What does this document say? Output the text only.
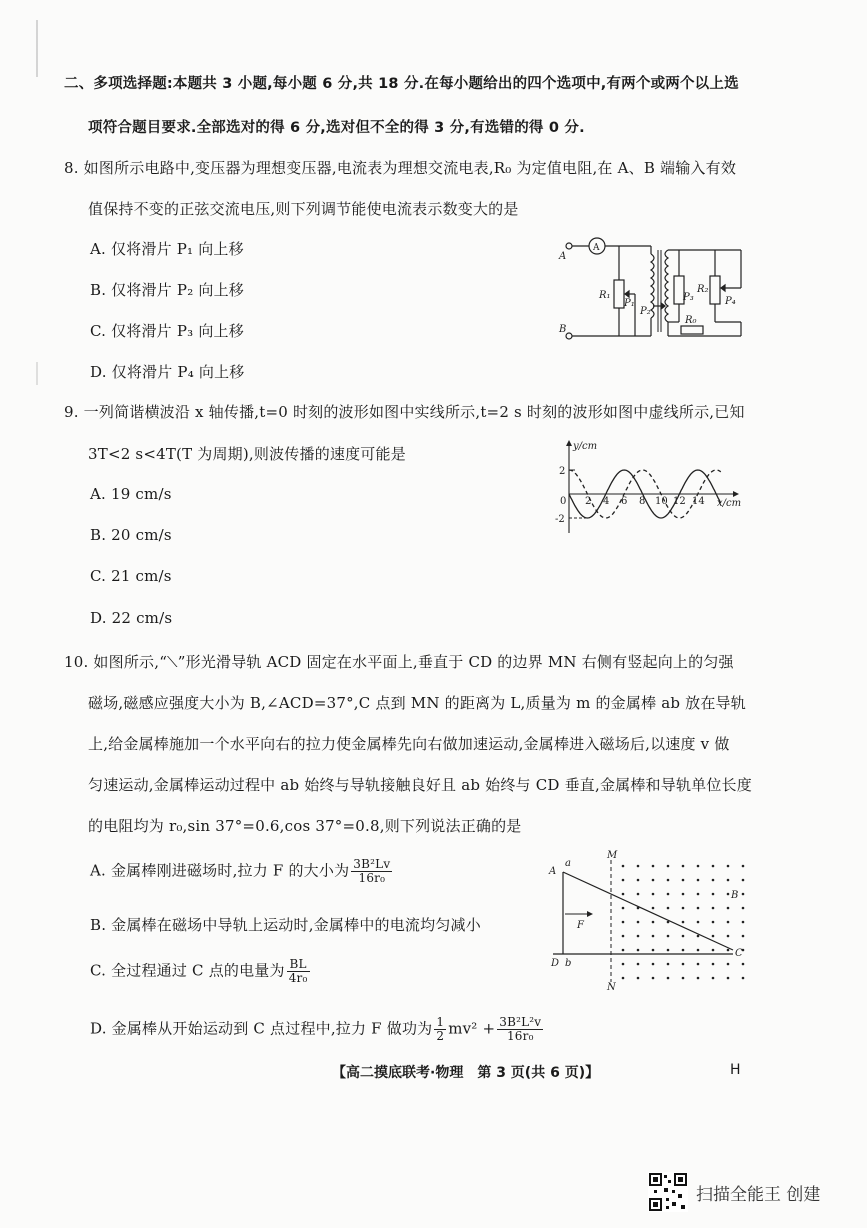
二、多项选择题:本题共 3 小题,每小题 6 分,共 18 分.在每小题给出的四个选项中,有两个或两个以上选
项符合题目要求.全部选对的得 6 分,选对但不全的得 3 分,有选错的得 0 分.
8. 如图所示电路中,变压器为理想变压器,电流表为理想交流电表,R₀ 为定值电阻,在 A、B 端输入有效
值保持不变的正弦交流电压,则下列调节能使电流表示数变大的是
A. 仅将滑片 P₁ 向上移
B. 仅将滑片 P₂ 向上移
C. 仅将滑片 P₃ 向上移
D. 仅将滑片 P₄ 向上移
A
B
A
R₁
P₁
P₂
P₃
R₂
P₄
R₀
9. 一列简谐横波沿 x 轴传播,t=0 时刻的波形如图中实线所示,t=2 s 时刻的波形如图中虚线所示,已知
3T<2 s<4T(T 为周期),则波传播的速度可能是
A. 19 cm/s
B. 20 cm/s
C. 21 cm/s
D. 22 cm/s
y/cm
x/cm
0
2
-2
2 4 6 8 10 12 14
10. 如图所示,“⟍”形光滑导轨 ACD 固定在水平面上,垂直于 CD 的边界 MN 右侧有竖起向上的匀强
磁场,磁感应强度大小为 B,∠ACD=37°,C 点到 MN 的距离为 L,质量为 m 的金属棒 ab 放在导轨
上,给金属棒施加一个水平向右的拉力使金属棒先向右做加速运动,金属棒进入磁场后,以速度 v 做
匀速运动,金属棒运动过程中 ab 始终与导轨接触良好且 ab 始终与 CD 垂直,金属棒和导轨单位长度
的电阻均为 r₀,sin 37°=0.6,cos 37°=0.8,则下列说法正确的是
A. 金属棒刚进磁场时,拉力 F 的大小为 $\frac{\text{3B²Lv}}{\text{16r₀}}$
B. 金属棒在磁场中导轨上运动时,金属棒中的电流均匀减小
C. 全过程通过 C 点的电量为 $\frac{BL}{\text{4r₀}}$
D. 金属棒从开始运动到 C 点过程中,拉力 F 做功为 $\frac{1}{2} mv^2 + \frac{\text{3B²L²v}}{\text{16r₀}}$
A
a
M
B
F
D b
C
N
【高二摸底联考·物理　第 3 页(共 6 页)】	H
扫描全能王 创建
